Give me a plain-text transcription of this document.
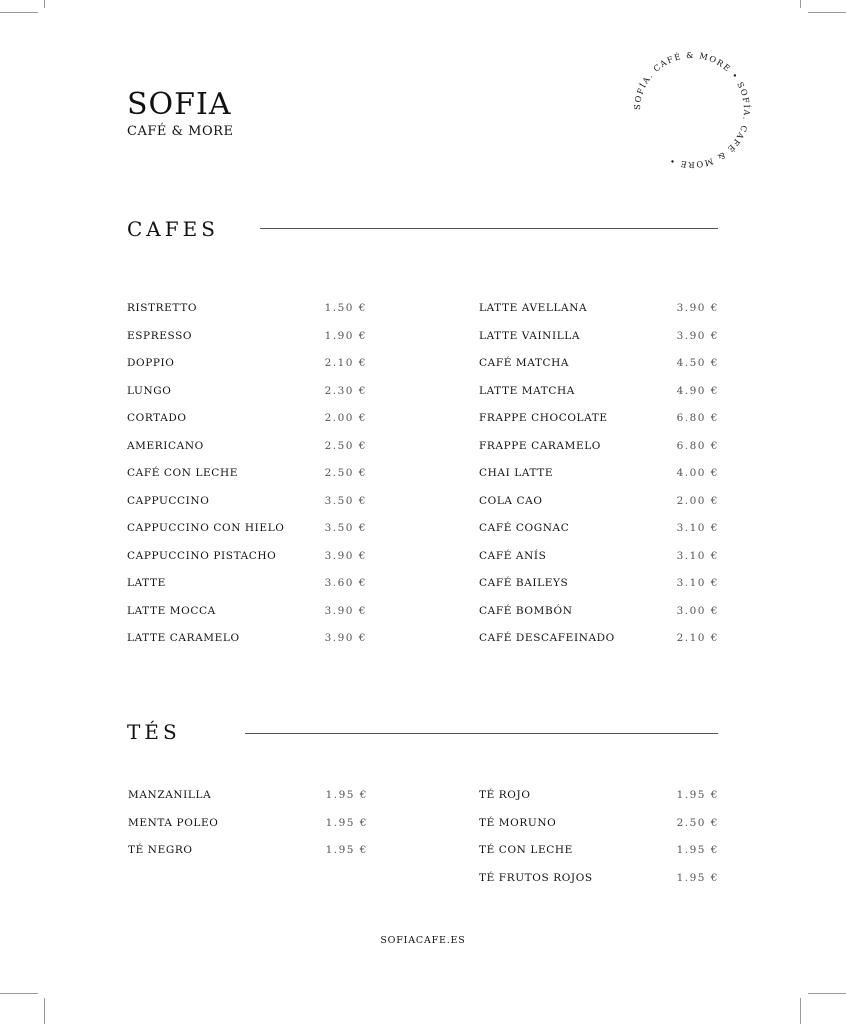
SOFIA
CAFÉ & MORE
SOFÍA. CAFÉ & MORE • SOFÍA. CAFÉ & MORE •
CAFES
RISTRETTO	1.50 €
ESPRESSO	1.90 €
DOPPIO	2.10 €
LUNGO	2.30 €
CORTADO	2.00 €
AMERICANO	2.50 €
CAFÉ CON LECHE	2.50 €
CAPPUCCINO	3.50 €
CAPPUCCINO CON HIELO	3.50 €
CAPPUCCINO PISTACHO	3.90 €
LATTE	3.60 €
LATTE MOCCA	3.90 €
LATTE CARAMELO	3.90 €
LATTE AVELLANA	3.90 €
LATTE VAINILLA	3.90 €
CAFÉ MATCHA	4.50 €
LATTE MATCHA	4.90 €
FRAPPE CHOCOLATE	6.80 €
FRAPPE CARAMELO	6.80 €
CHAI LATTE	4.00 €
COLA CAO	2.00 €
CAFÉ COGNAC	3.10 €
CAFÉ ANÍS	3.10 €
CAFÉ BAILEYS	3.10 €
CAFÉ BOMBÓN	3.00 €
CAFÉ DESCAFEINADO	2.10 €
TÉS
MANZANILLA	1.95 €
MENTA POLEO	1.95 €
TÉ NEGRO	1.95 €
TÉ ROJO	1.95 €
TÉ MORUNO	2.50 €
TÉ CON LECHE	1.95 €
TÉ FRUTOS ROJOS	1.95 €
SOFIACAFE.ES
